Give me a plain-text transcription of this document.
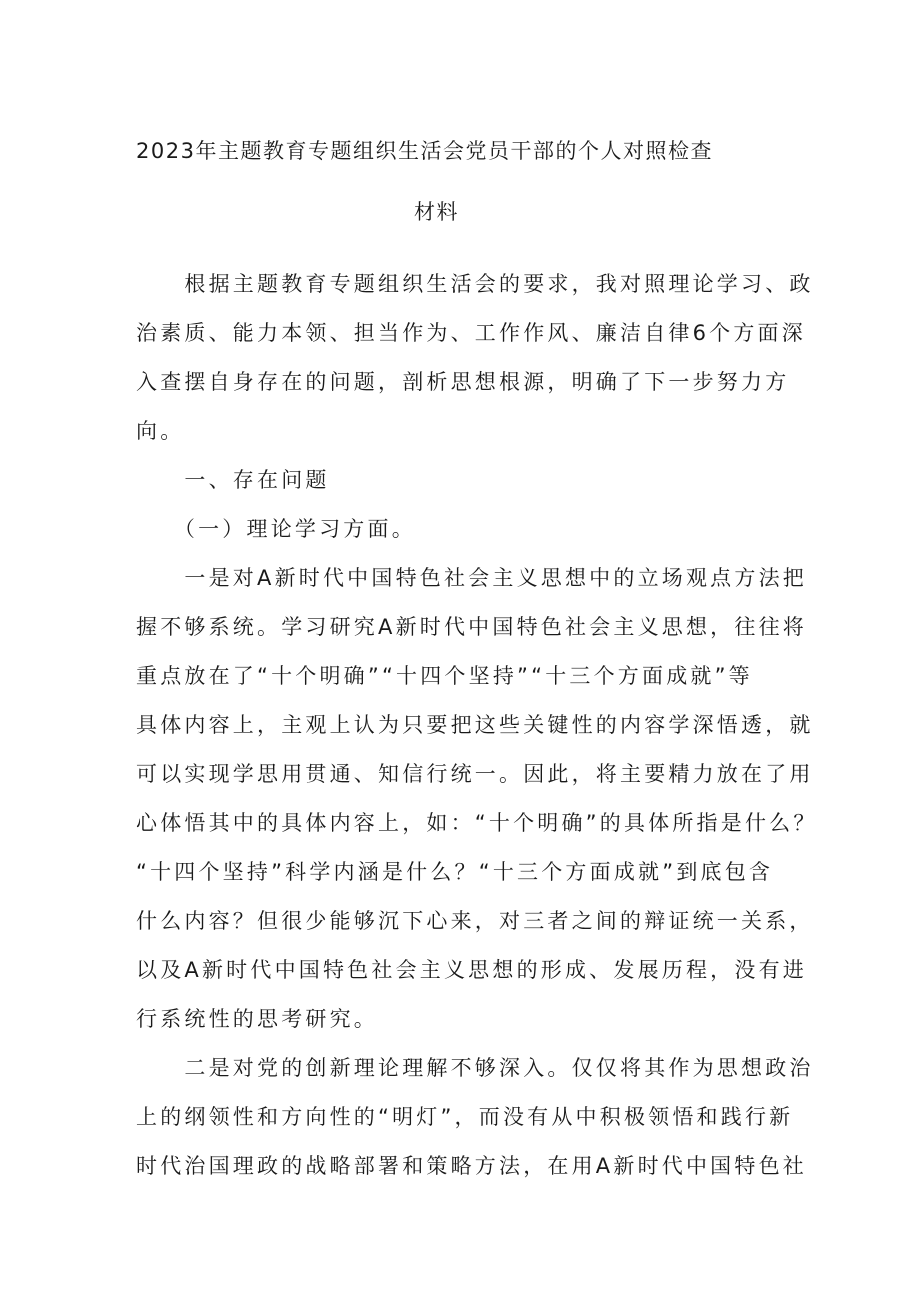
2023年主题教育专题组织生活会党员干部的个人对照检查
材料
　　根据主题教育专题组织生活会的要求，我对照理论学习、政
治素质、能力本领、担当作为、工作作风、廉洁自律6个方面深
入查摆自身存在的问题，剖析思想根源，明确了下一步努力方
向。
　　一、存在问题
　　（一）理论学习方面。
　　一是对A新时代中国特色社会主义思想中的立场观点方法把
握不够系统。学习研究A新时代中国特色社会主义思想，往往将
重点放在了“十个明确”“十四个坚持”“十三个方面成就”等
具体内容上，主观上认为只要把这些关键性的内容学深悟透，就
可以实现学思用贯通、知信行统一。因此，将主要精力放在了用
心体悟其中的具体内容上，如：“十个明确”的具体所指是什么？
“十四个坚持”科学内涵是什么？“十三个方面成就”到底包含
什么内容？但很少能够沉下心来，对三者之间的辩证统一关系，
以及A新时代中国特色社会主义思想的形成、发展历程，没有进
行系统性的思考研究。
　　二是对党的创新理论理解不够深入。仅仅将其作为思想政治
上的纲领性和方向性的“明灯”，而没有从中积极领悟和践行新
时代治国理政的战略部署和策略方法，在用A新时代中国特色社
